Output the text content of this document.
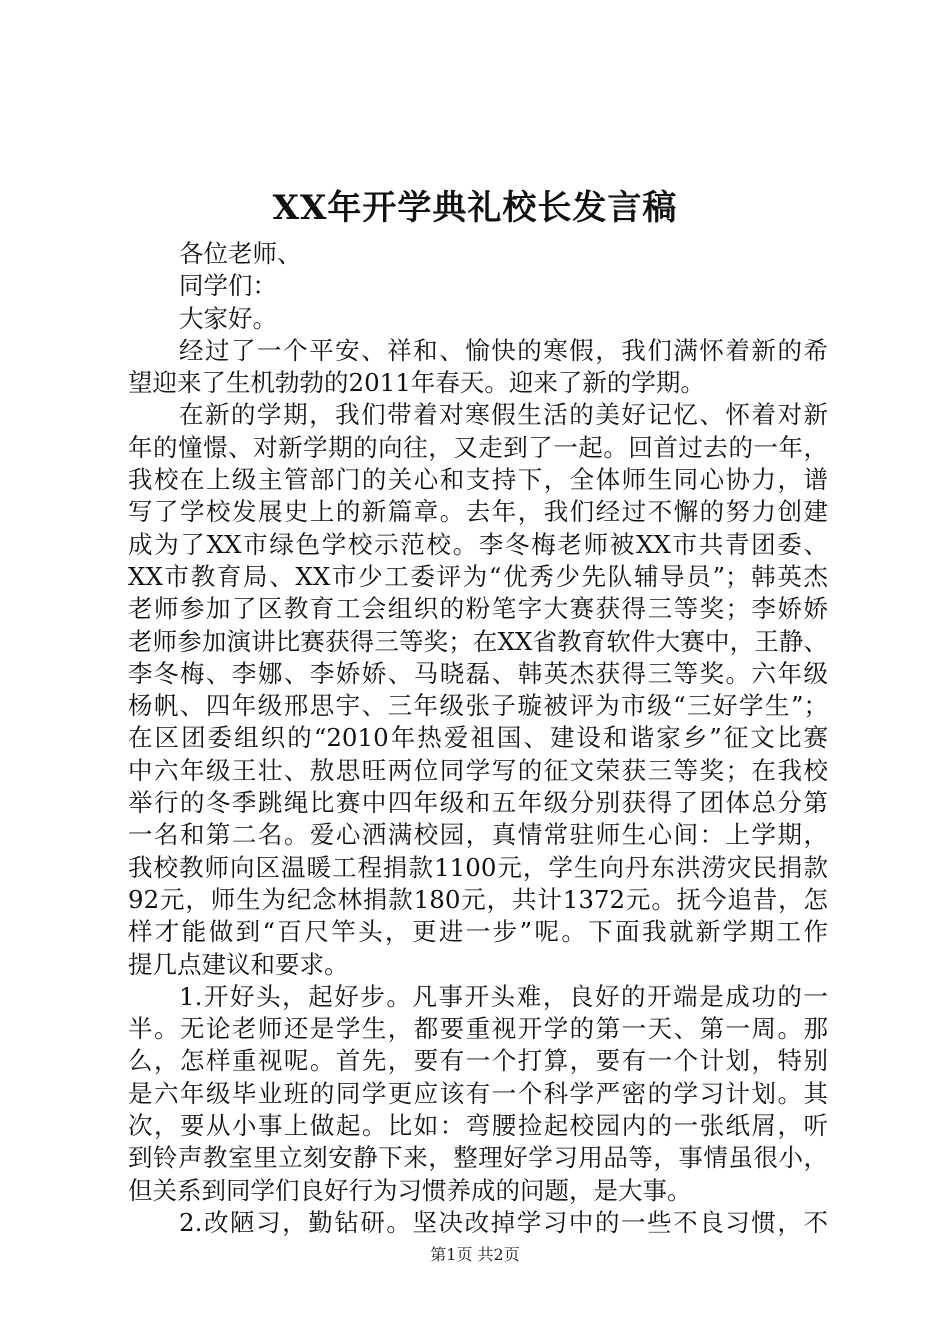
XX年开学典礼校长发言稿
各位老师、
同学们：
大家好。
经过了一个平安、祥和、愉快的寒假，我们满怀着新的希
望迎来了生机勃勃的2011年春天。迎来了新的学期。
在新的学期，我们带着对寒假生活的美好记忆、怀着对新
年的憧憬、对新学期的向往，又走到了一起。回首过去的一年，
我校在上级主管部门的关心和支持下，全体师生同心协力，谱
写了学校发展史上的新篇章。去年，我们经过不懈的努力创建
成为了XX市绿色学校示范校。李冬梅老师被XX市共青团委、
XX市教育局、XX市少工委评为“优秀少先队辅导员”；韩英杰
老师参加了区教育工会组织的粉笔字大赛获得三等奖；李娇娇
老师参加演讲比赛获得三等奖；在XX省教育软件大赛中，王静、
李冬梅、李娜、李娇娇、马晓磊、韩英杰获得三等奖。六年级
杨帆、四年级邢思宇、三年级张子璇被评为市级“三好学生”；
在区团委组织的“2010年热爱祖国、建设和谐家乡”征文比赛
中六年级王壮、敖思旺两位同学写的征文荣获三等奖；在我校
举行的冬季跳绳比赛中四年级和五年级分别获得了团体总分第
一名和第二名。爱心洒满校园，真情常驻师生心间：上学期，
我校教师向区温暖工程捐款1100元，学生向丹东洪涝灾民捐款
92元，师生为纪念林捐款180元，共计1372元。抚今追昔，怎
样才能做到“百尺竿头，更进一步”呢。下面我就新学期工作
提几点建议和要求。
1.开好头，起好步。凡事开头难，良好的开端是成功的一
半。无论老师还是学生，都要重视开学的第一天、第一周。那
么，怎样重视呢。首先，要有一个打算，要有一个计划，特别
是六年级毕业班的同学更应该有一个科学严密的学习计划。其
次，要从小事上做起。比如：弯腰捡起校园内的一张纸屑，听
到铃声教室里立刻安静下来，整理好学习用品等，事情虽很小，
但关系到同学们良好行为习惯养成的问题，是大事。
2.改陋习，勤钻研。坚决改掉学习中的一些不良习惯，不
第1页 共2页
